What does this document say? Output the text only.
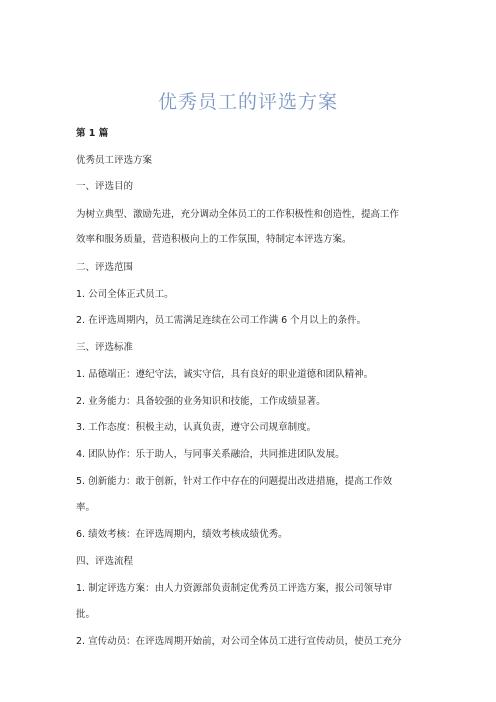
优秀员工的评选方案
第 1 篇
优秀员工评选方案
一、评选目的
为树立典型、激励先进，充分调动全体员工的工作积极性和创造性，提高工作
效率和服务质量，营造积极向上的工作氛围，特制定本评选方案。
二、评选范围
1. 公司全体正式员工。
2. 在评选周期内，员工需满足连续在公司工作满 6 个月以上的条件。
三、评选标准
1. 品德端正：遵纪守法，诚实守信，具有良好的职业道德和团队精神。
2. 业务能力：具备较强的业务知识和技能，工作成绩显著。
3. 工作态度：积极主动，认真负责，遵守公司规章制度。
4. 团队协作：乐于助人，与同事关系融洽，共同推进团队发展。
5. 创新能力：敢于创新，针对工作中存在的问题提出改进措施，提高工作效
率。
6. 绩效考核：在评选周期内，绩效考核成绩优秀。
四、评选流程
1. 制定评选方案：由人力资源部负责制定优秀员工评选方案，报公司领导审
批。
2. 宣传动员：在评选周期开始前，对公司全体员工进行宣传动员，使员工充分
